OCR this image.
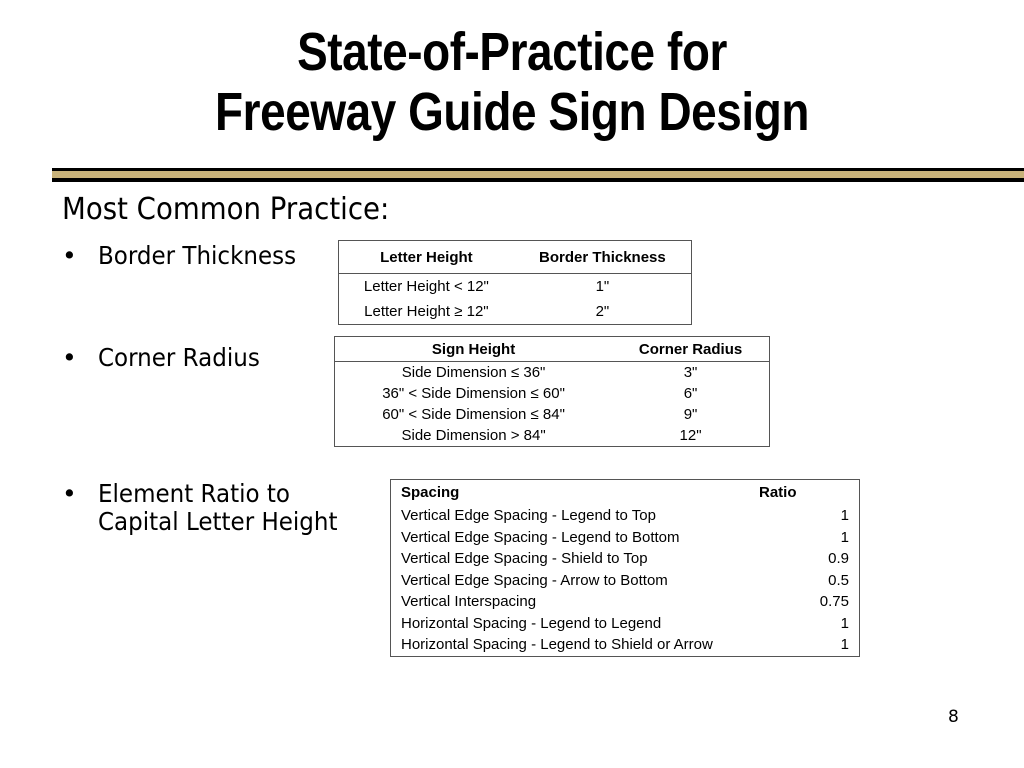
State-of-Practice for
Freeway Guide Sign Design
Most Common Practice:
• Border Thickness
• Corner Radius
• Element Ratio to
Capital Letter Height
Letter Height	Border Thickness
Letter Height < 12"	1"
Letter Height ≥ 12"	2"
Sign Height	Corner Radius
Side Dimension ≤ 36"	3"
36" < Side Dimension ≤ 60"	6"
60" < Side Dimension ≤ 84"	9"
Side Dimension > 84"	12"
Spacing	Ratio
Vertical Edge Spacing - Legend to Top	1
Vertical Edge Spacing - Legend to Bottom	1
Vertical Edge Spacing - Shield to Top	0.9
Vertical Edge Spacing - Arrow to Bottom	0.5
Vertical Interspacing	0.75
Horizontal Spacing - Legend to Legend	1
Horizontal Spacing - Legend to Shield or Arrow	1
8
